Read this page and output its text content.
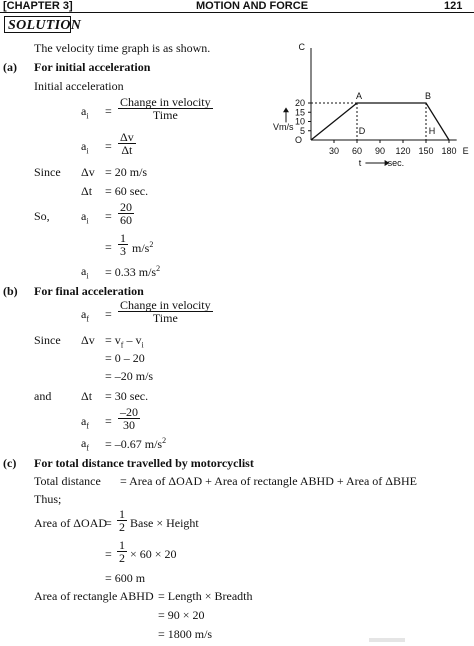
[CHAPTER 3]	MOTION AND FORCE	121
SOLUTION
The velocity time graph is as shown.
5
10
15
20
30 60 90 120 150 180
C
O
E
Vm/s
t	sec.
A	B
D	H
(a) For initial acceleration
Initial acceleration
$a_i$ =
Change in velocity
Time
$a_i = \frac{\Delta v}{\Delta t}$
Since Δv = 20 m/s
Δt = 60 sec.
So,	$a_i = \frac{20}{60}$
= $\frac{1}{3} m/s^2$
$a_i = 0.33$ $m/s^2$
(b) For final acceleration
$a_f$ =
Change in velocity
Time
Since $\Delta v = v_f - v_i$
= 0 – 20
= –20 m/s
and Δt = 30 sec.
$a_f = \frac{-20}{30}$
$a_f = -0.67$ $m/s^2$
(c) For total distance travelled by motorcyclist
Total distance = Area of ΔOAD + Area of rectangle ABHD + Area of ΔBHE
Thus;
Area of ΔOAD
= $\frac{1}{2}$ Base × Height
= $\frac{1}{2} \times 60 \times 20$
= 600 m
Area of rectangle ABHD = Length × Breadth
= 90 × 20
= 1800 m/s
